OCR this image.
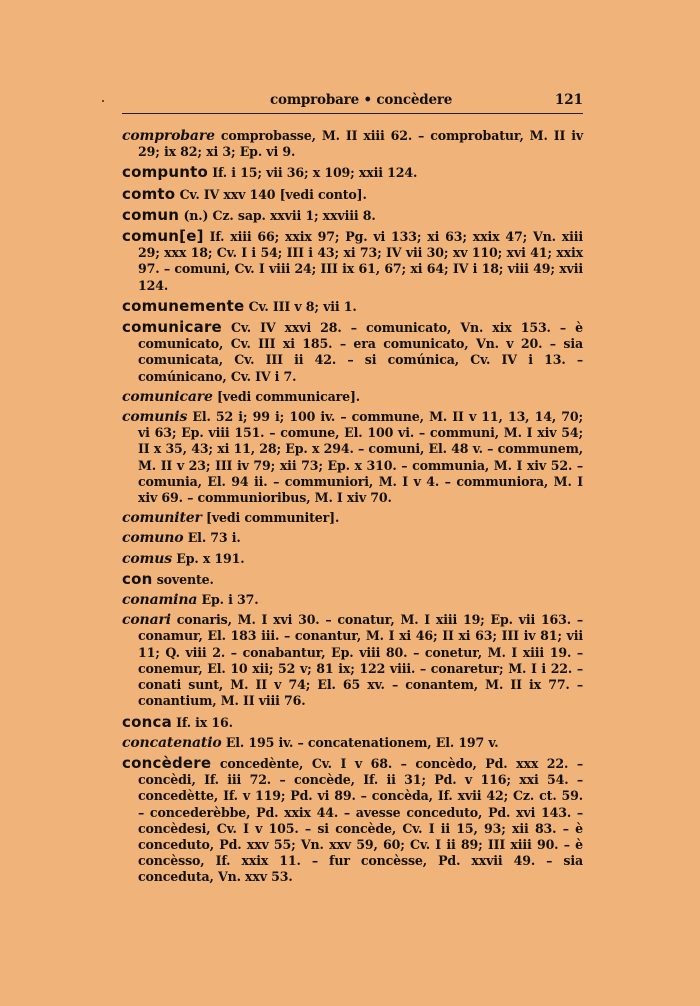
comprobare • concèdere	121

comprobare comprobasse, M. II xiii 62. – comprobatur, M. II iv 29; ix 82; xi 3; Ep. vi 9.

compunto If. i 15; vii 36; x 109; xxii 124.

comto Cv. IV xxv 140 [vedi conto].

comun (n.) Cz. sap. xxvii 1; xxviii 8.

comun[e] If. xiii 66; xxix 97; Pg. vi 133; xi 63; xxix 47; Vn. xiii 29; xxx 18; Cv. I i 54; III i 43; xi 73; IV vii 30; xv 110; xvi 41; xxix 97. – comuni, Cv. I viii 24; III ix 61, 67; xi 64; IV i 18; viii 49; xvii 124.

comunemente Cv. III v 8; vii 1.

comunicare Cv. IV xxvi 28. – comunicato, Vn. xix 153. – è comunicato, Cv. III xi 185. – era comunicato, Vn. v 20. – sia comunicata, Cv. III ii 42. – si comúnica, Cv. IV i 13. – comúnicano, Cv. IV i 7.

comunicare [vedi communicare].

comunis El. 52 i; 99 i; 100 iv. – commune, M. II v 11, 13, 14, 70; vi 63; Ep. viii 151. – comune, El. 100 vi. – communi, M. I xiv 54; II x 35, 43; xi 11, 28; Ep. x 294. – comuni, El. 48 v. – communem, M. II v 23; III iv 79; xii 73; Ep. x 310. – communia, M. I xiv 52. – comunia, El. 94 ii. – communiori, M. I v 4. – communiora, M. I xiv 69. – communioribus, M. I xiv 70.

comuniter [vedi communiter].

comuno El. 73 i.

comus Ep. x 191.

con sovente.

conamina Ep. i 37.

conari conaris, M. I xvi 30. – conatur, M. I xiii 19; Ep. vii 163. – conamur, El. 183 iii. – conantur, M. I xi 46; II xi 63; III iv 81; vii 11; Q. viii 2. – conabantur, Ep. viii 80. – conetur, M. I xiii 19. – conemur, El. 10 xii; 52 v; 81 ix; 122 viii. – conaretur; M. I i 22. – conati sunt, M. II v 74; El. 65 xv. – conantem, M. II ix 77. – conantium, M. II viii 76.

conca If. ix 16.

concatenatio El. 195 iv. – concatenationem, El. 197 v.

concèdere concedènte, Cv. I v 68. – concèdo, Pd. xxx 22. – concèdi, If. iii 72. – concède, If. ii 31; Pd. v 116; xxi 54. – concedètte, If. v 119; Pd. vi 89. – concèda, If. xvii 42; Cz. ct. 59. – concederèbbe, Pd. xxix 44. – avesse conceduto, Pd. xvi 143. – concèdesi, Cv. I v 105. – si concède, Cv. I ii 15, 93; xii 83. – è conceduto, Pd. xxv 55; Vn. xxv 59, 60; Cv. I ii 89; III xiii 90. – è concèsso, If. xxix 11. – fur concèsse, Pd. xxvii 49. – sia conceduta, Vn. xxv 53.
